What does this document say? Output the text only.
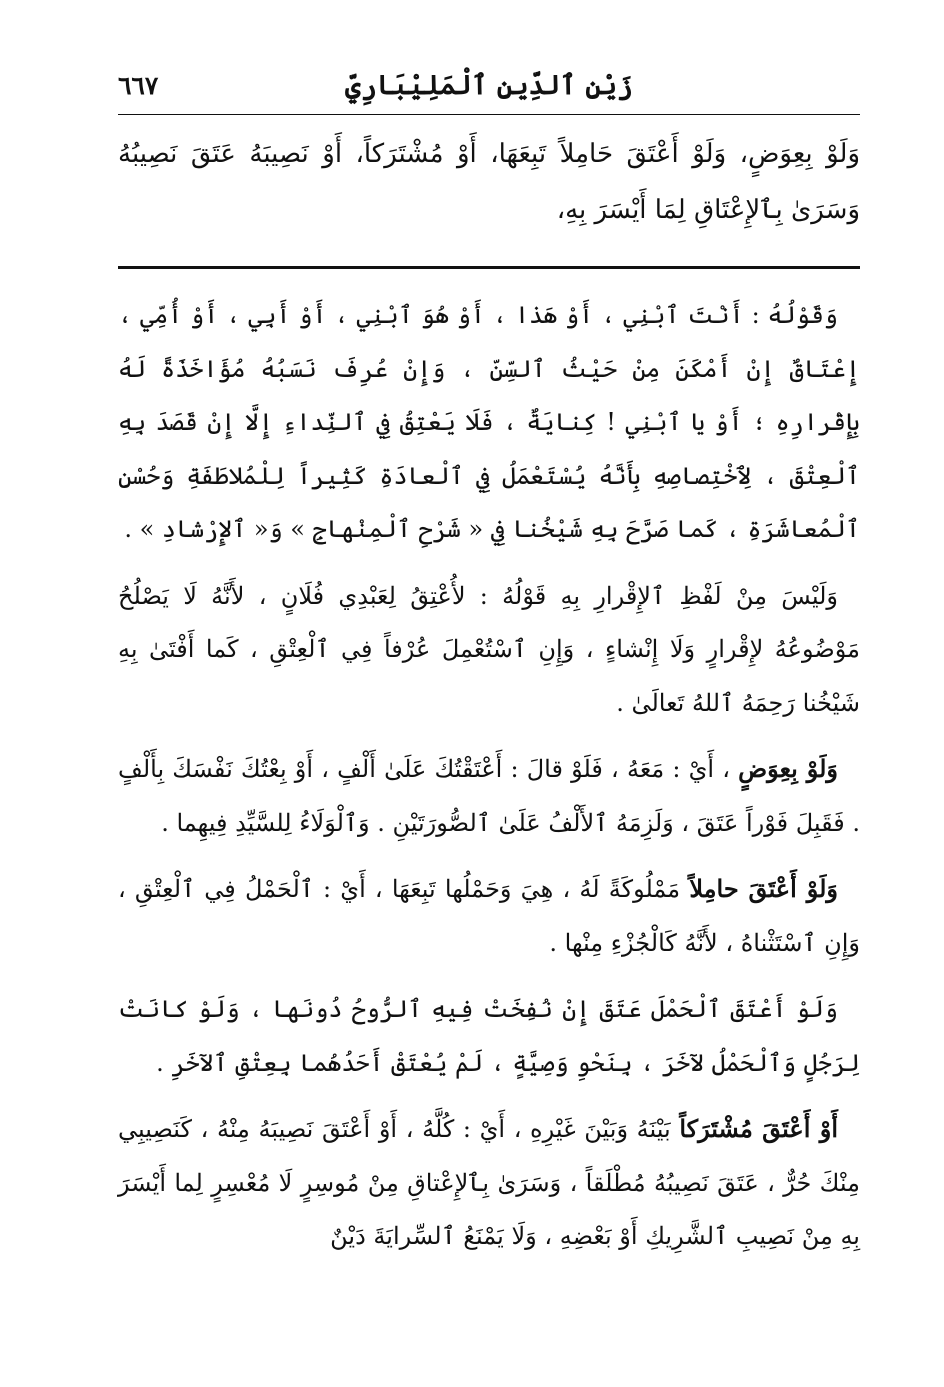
زَيْنِ ٱلدِّينِ ٱلْمَلِيْبَارِيِّ
٦٦٧
وَلَوْ بِعِوَضٍ، وَلَوْ أَعْتَقَ حَامِلاً تَبِعَهَا، أَوْ مُشْتَرَكاً، أَوْ نَصِيبَهُ عَتَقَ نَصِيبُهُ وَسَرَىٰ بِٱلإِعْتَاقِ لِمَا أَيْسَرَ بِهِ،

وَقَوْلُهُ : أَنْتَ ٱبْنِي ، أَوْ هَذا ، أَوْ هُوَ ٱبْنِي ، أَوْ أَبِي ، أَوْ أُمِّي ، إِعْتَاقٌ إِنْ أَمْكَنَ مِنْ حَيْثُ ٱلسِّنِّ ، وَإِنْ عُرِفَ نَسَبُهُ مُؤَاخَذَةً لَهُ بِإِقْرارِهِ ؛ أَوْ يا ٱبْنِي ! كِنايَةٌ ، فَلَا يَعْتِقُ فِي ٱلنِّداءِ إِلَّا إِنْ قَصَدَ بِهِ ٱلْعِتْقَ ، لِٱخْتِصاصِهِ بِأَنَّهُ يُسْتَعْمَلُ فِي ٱلْعادَةِ كَثِيراً لِلْمُلاطَفَةِ وَحُسْنِ ٱلْمُعاشَرَةِ ، كَما صَرَّحَ بِهِ شَيْخُنا فِي « شَرْحِ ٱلْمِنْهاجِ » وَ« ٱلإِرْشادِ » .

وَلَيْسَ مِنْ لَفْظِ ٱلإِقْرارِ بِهِ قَوْلُهُ : لأُعْتِقُ لِعَبْدِي فُلَانٍ ، لأَنَّهُ لَا يَصْلُحُ مَوْضُوعُهُ لإِقْرارٍ وَلَا إِنْشاءٍ ، وَإِنِ ٱسْتُعْمِلَ عُرْفاً فِي ٱلْعِتْقِ ، كَما أَفْتَىٰ بِهِ شَيْخُنا رَحِمَهُ ٱللهُ تَعالَىٰ .

وَلَوْ بِعِوَضٍ ، أَيْ : مَعَهُ ، فَلَوْ قالَ : أَعْتَقْتُكَ عَلَىٰ أَلْفٍ ، أَوْ بِعْتُكَ نَفْسَكَ بِأَلْفٍ . فَقَبِلَ فَوْراً عَتَقَ ، وَلَزِمَهُ ٱلأَلْفُ عَلَىٰ ٱلصُّورَتَيْنِ . وَٱلْوَلَاءُ لِلسَّيِّدِ فِيهِما .

وَلَوْ أَعْتَقَ حامِلاً مَمْلُوكَةً لَهُ ، هِيَ وَحَمْلُها تَبِعَهَا ، أَيْ : ٱلْحَمْلُ فِي ٱلْعِتْقِ ، وَإِنِ ٱسْتَثْناهُ ، لأَنَّهُ كَالْجُزْءِ مِنْها .

وَلَوْ أَعْتَقَ ٱلْحَمْلَ عَتَقَ إِنْ نُفِخَتْ فِيهِ ٱلرُّوحُ دُونَها ، وَلَوْ كانَتْ لِرَجُلٍ وَٱلْحَمْلُ لآخَرَ ، بِنَحْوِ وَصِيَّةٍ ، لَمْ يُعْتَقْ أَحَدُهُما بِعِتْقِ ٱلآخَرِ .

أَوْ أَعْتَقَ مُشْتَرَكاً بَيْنَهُ وَبَيْنَ غَيْرِهِ ، أَيْ : كُلَّهُ ، أَوْ أَعْتَقَ نَصِيبَهُ مِنْهُ ، كَنَصِيبِي مِنْكَ حُرٌّ ، عَتَقَ نَصِيبُهُ مُطْلَقاً ، وَسَرَىٰ بِٱلإِعْتاقِ مِنْ مُوسِرٍ لَا مُعْسِرٍ لِما أَيْسَرَ بِهِ مِنْ نَصِيبِ ٱلشَّرِيكِ أَوْ بَعْضِهِ ، وَلَا يَمْنَعُ ٱلسِّرايَةَ دَيْنٌ
